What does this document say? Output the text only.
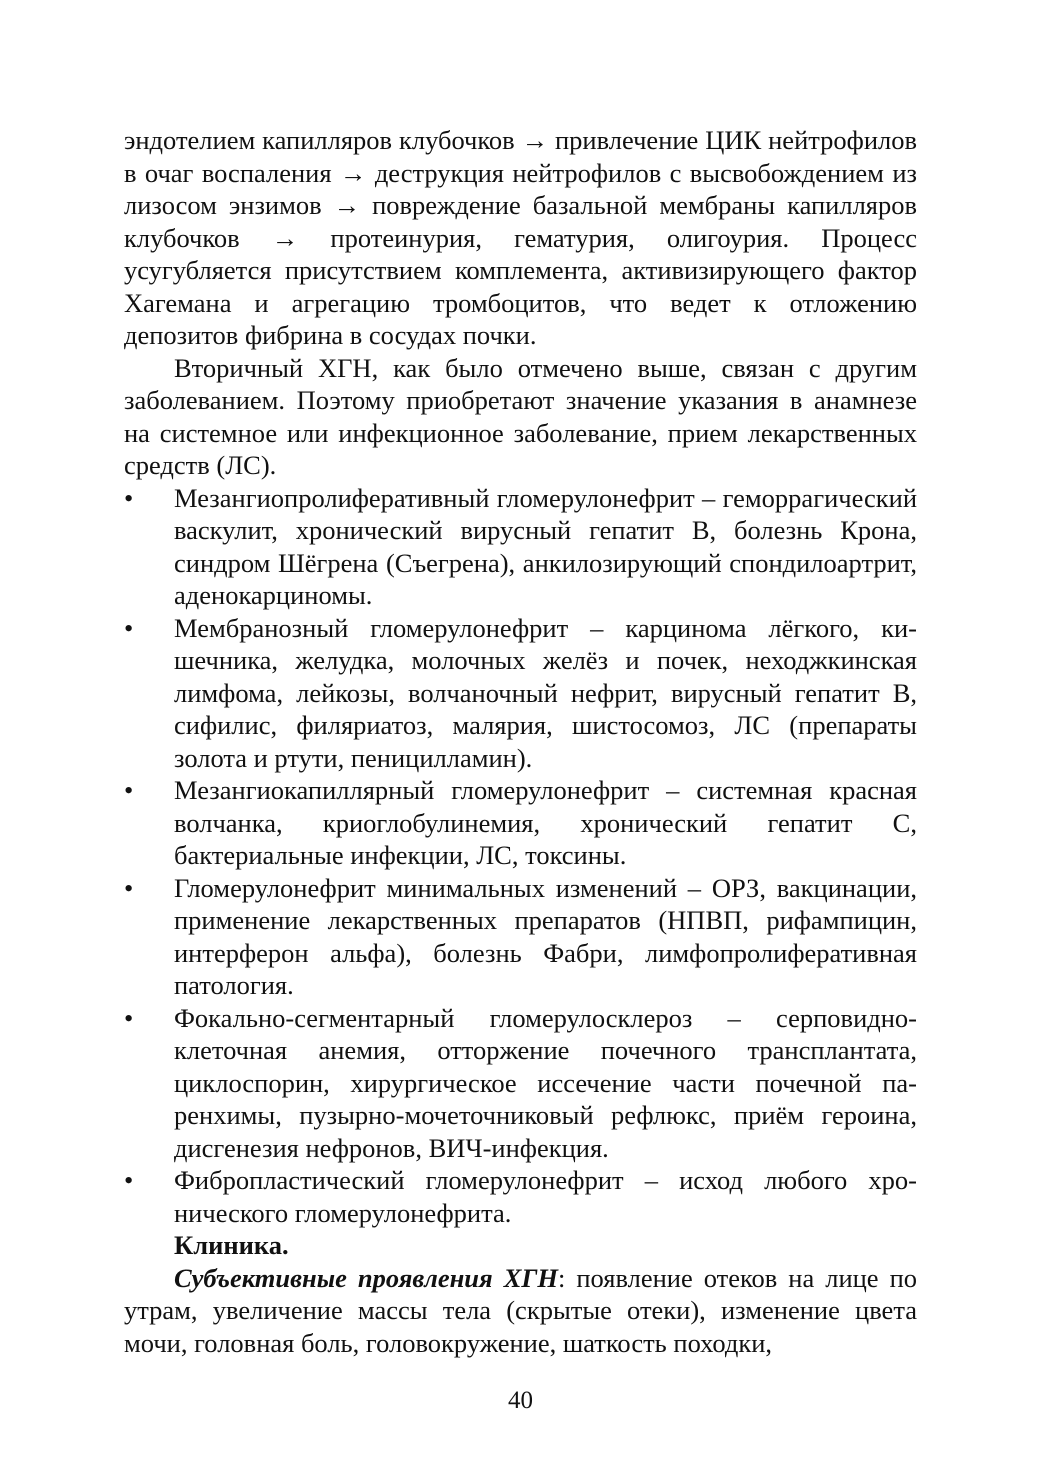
эндотелием капилляров клубочков → привлечение ЦИК нейтрофилов в очаг воспаления → деструкция нейтрофилов с высвобождением из лизосом энзимов → повреждение базальной мембраны капилляров клубочков → протеинурия, гематурия, олигоурия. Процесс усугубляется присутствием комплемента, активизирующего фактор Хагемана и агрегацию тромбоцитов, что ведет к отложению депозитов фибрина в сосудах почки.

Вторичный ХГН, как было отмечено выше, связан с другим заболеванием. Поэтому приобретают значение указания в анамнезе на системное или инфекционное заболевание, прием лекарственных средств (ЛС).

• Мезангиопролиферативный гломерулонефрит – геморрагический васкулит, хронический вирусный гепатит В, болезнь Крона, синдром Шёгрена (Съегрена), анкилозирующий спондилоартрит, аденокарциномы.
• Мембранозный гломерулонефрит – карцинома лёгкого, кишечника, желудка, молочных желёз и почек, неходжкинская лимфома, лейкозы, волчаночный нефрит, вирусный гепатит В, сифилис, филяриатоз, малярия, шистосомоз, ЛС (препараты золота и ртути, пеницилламин).
• Мезангиокапиллярный гломерулонефрит – системная красная волчанка, криоглобулинемия, хронический гепатит С, бактериальные инфекции, ЛС, токсины.
• Гломерулонефрит минимальных изменений – ОРЗ, вакцинации, применение лекарственных препаратов (НПВП, рифампицин, интерферон альфа), болезнь Фабри, лимфопролиферативная патология.
• Фокально-сегментарный гломерулосклероз – серповидноклеточная анемия, отторжение почечного трансплантата, циклоспорин, хирургическое иссечение части почечной паренхимы, пузырно-мочеточниковый рефлюкс, приём героина, дисгенезия нефронов, ВИЧ-инфекция.
• Фибропластический гломерулонефрит – исход любого хронического гломерулонефрита.

Клиника.

Субъективные проявления ХГН: появление отеков на лице по утрам, увеличение массы тела (скрытые отеки), изменение цвета мочи, головная боль, головокружение, шаткость походки,

40
